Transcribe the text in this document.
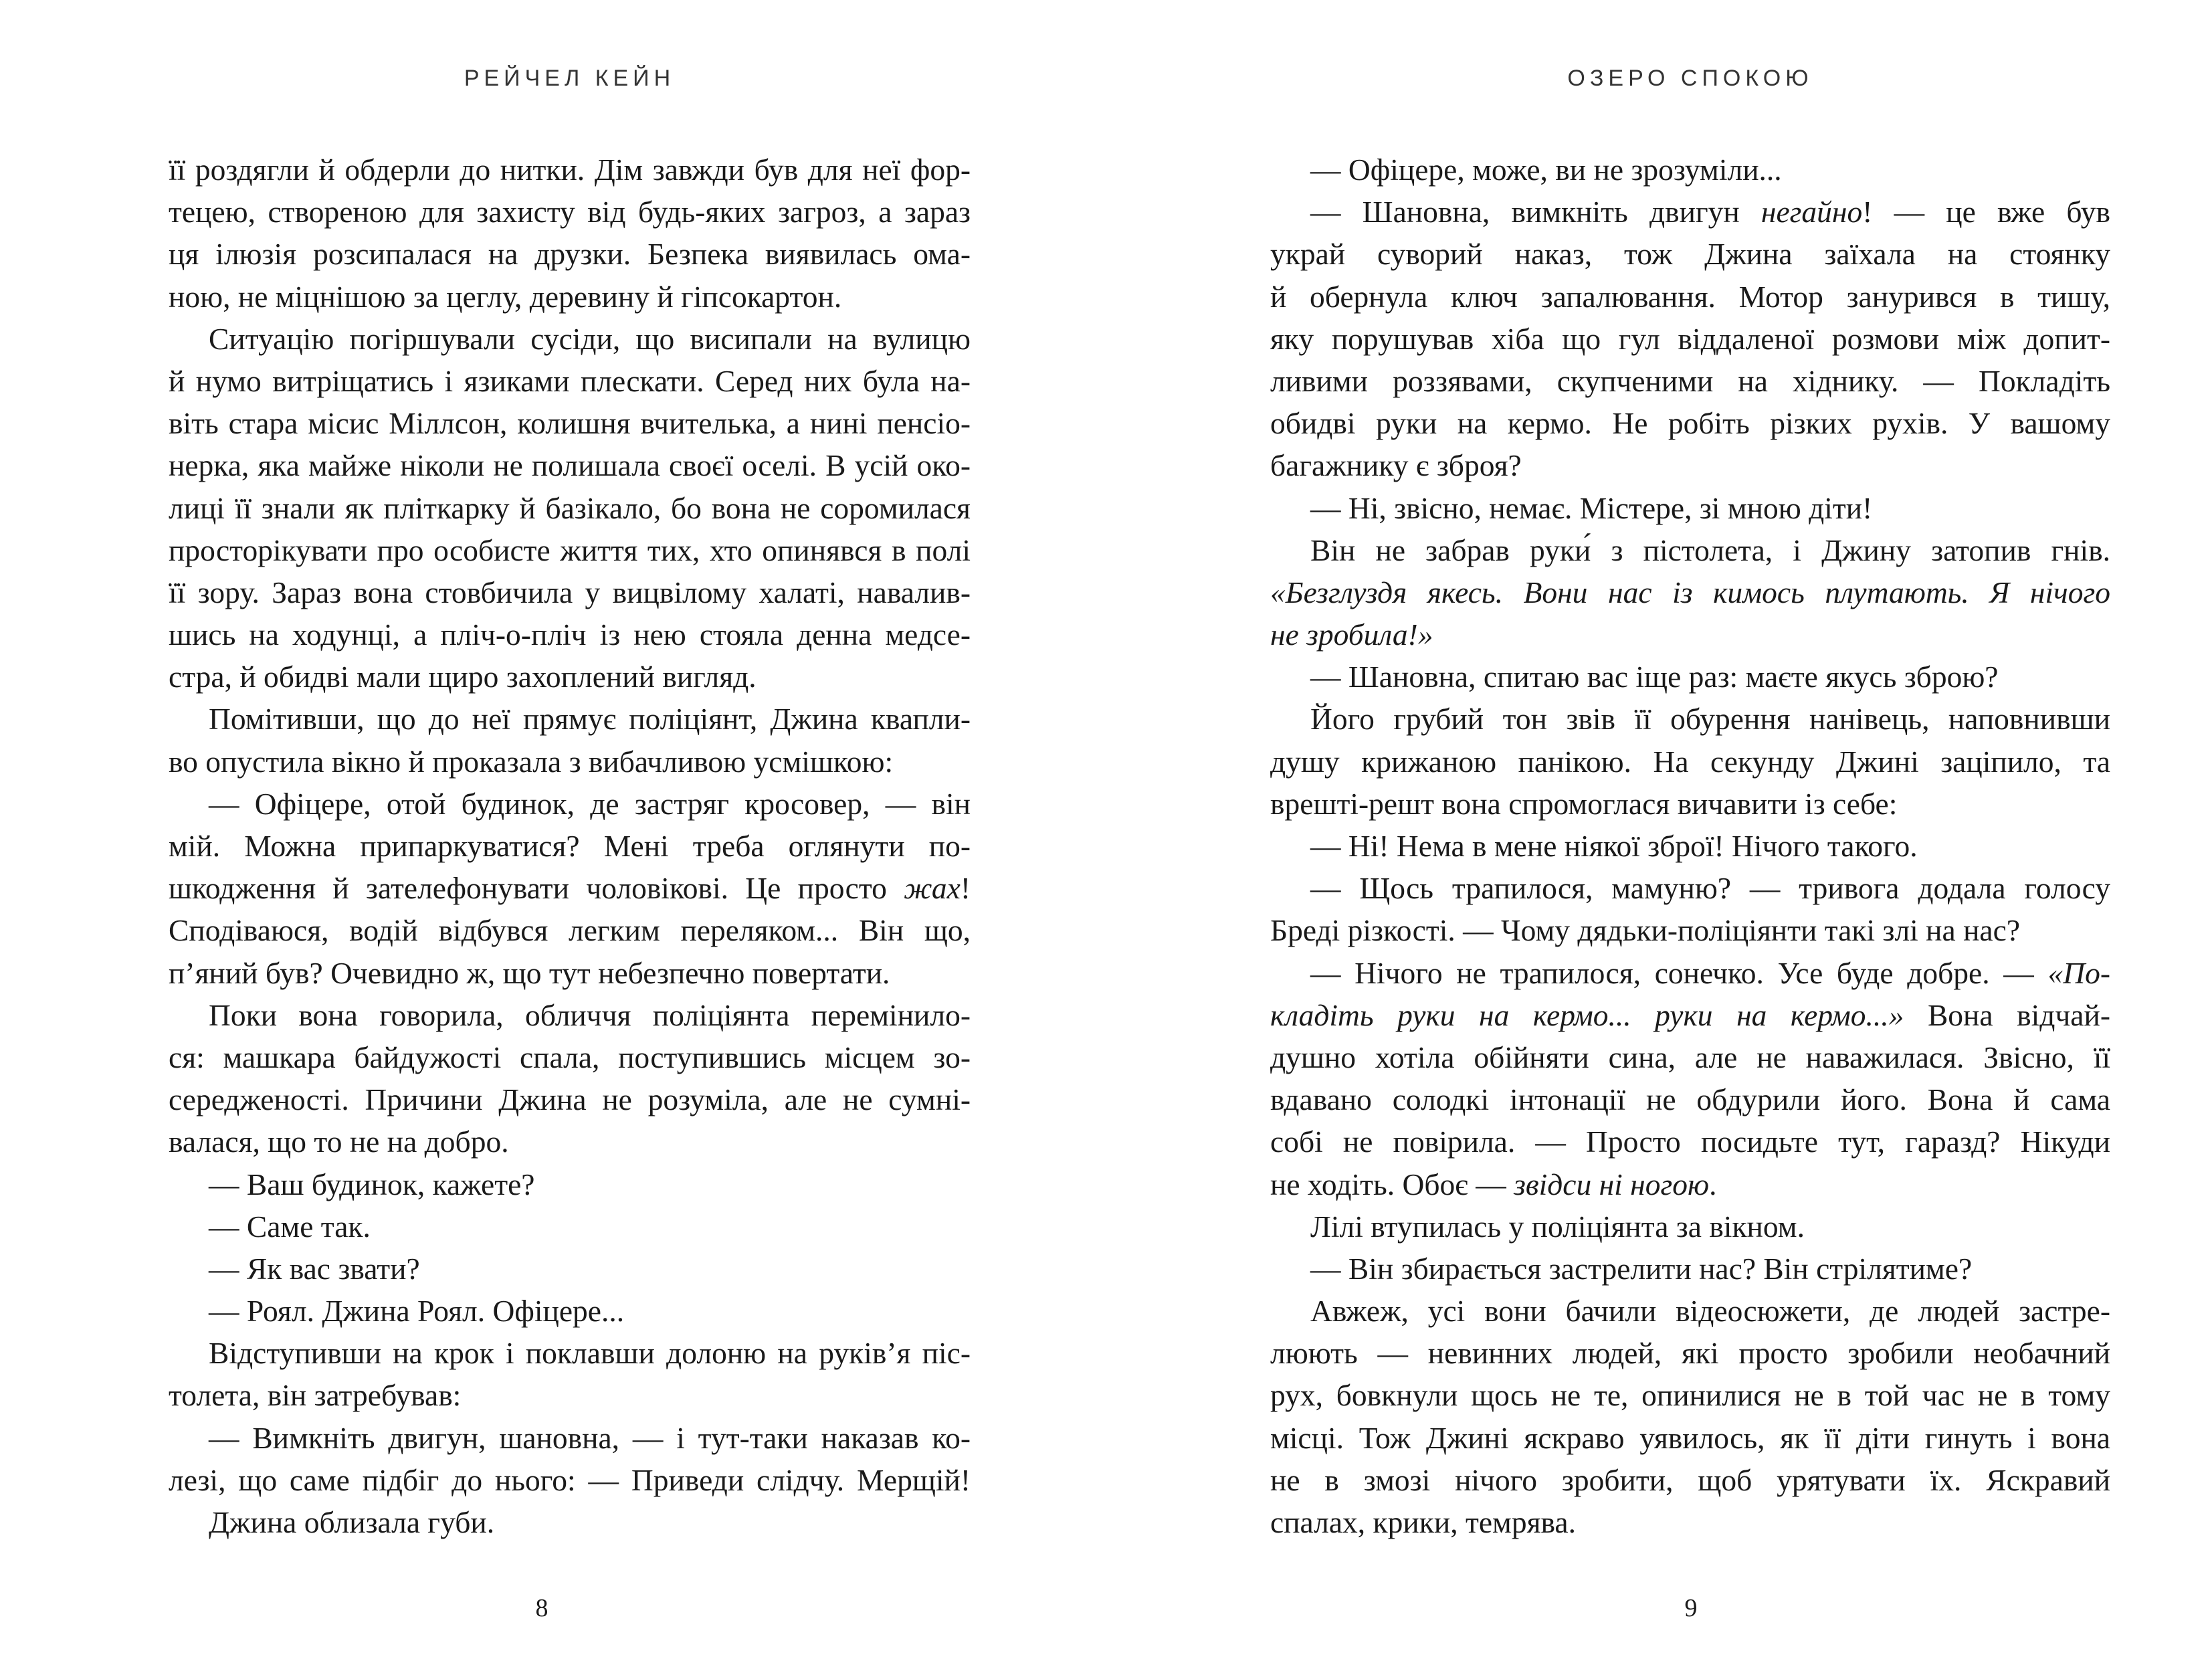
РЕЙЧЕЛ КЕЙН
її роздягли й обдерли до нитки. Дім завжди був для неї фор-
тецею, створеною для захисту від будь-яких загроз, а зараз
ця ілюзія розсипалася на друзки. Безпека виявилась ома-
ною, не міцнішою за цеглу, деревину й гіпсокартон.
Ситуацію погіршували сусіди, що висипали на вулицю
й нумо витріщатись і язиками плескати. Серед них була на-
віть стара місис Міллсон, колишня вчителька, а нині пенсіо-
нерка, яка майже ніколи не полишала своєї оселі. В усій око-
лиці її знали як пліткарку й базікало, бо вона не соромилася
просторікувати про особисте життя тих, хто опинявся в полі
її зору. Зараз вона стовбичила у вицвілому халаті, навалив-
шись на ходунці, а пліч-о-пліч із нею стояла денна медсе-
стра, й обидві мали щиро захоплений вигляд.
Помітивши, що до неї прямує поліціянт, Джина квапли-
во опустила вікно й проказала з вибачливою усмішкою:
— Офіцере, отой будинок, де застряг кросовер, — він
мій. Можна припаркуватися? Мені треба оглянути по-
шкодження й зателефонувати чоловікові. Це просто жах!
Сподіваюся, водій відбувся легким переляком... Він що,
п’яний був? Очевидно ж, що тут небезпечно повертати.
Поки вона говорила, обличчя поліціянта перемінило-
ся: машкара байдужості спала, поступившись місцем зо-
середженості. Причини Джина не розуміла, але не сумні-
валася, що то не на добро.
— Ваш будинок, кажете?
— Саме так.
— Як вас звати?
— Роял. Джина Роял. Офіцере...
Відступивши на крок і поклавши долоню на руків’я піс-
толета, він затребував:
— Вимкніть двигун, шановна, — і тут-таки наказав ко-
лезі, що саме підбіг до нього: — Приведи слідчу. Мерщій!
Джина облизала губи.
8
ОЗЕРО СПОКОЮ
— Офіцере, може, ви не зрозуміли...
— Шановна, вимкніть двигун негайно! — це вже був
украй суворий наказ, тож Джина заїхала на стоянку
й обернула ключ запалювання. Мотор занурився в тишу,
яку порушував хіба що гул віддаленої розмови між допит-
ливими роззявами, скупченими на хіднику. — Покладіть
обидві руки на кермо. Не робіть різких рухів. У вашому
багажнику є зброя?
— Ні, звісно, немає. Містере, зі мною діти!
Він не забрав руки́ з пістолета, і Джину затопив гнів.
«Безглуздя якесь. Вони нас із кимось плутають. Я нічого
не зробила!»
— Шановна, спитаю вас іще раз: маєте якусь зброю?
Його грубий тон звів її обурення нанівець, наповнивши
душу крижаною панікою. На секунду Джині заціпило, та
врешті-решт вона спромоглася вичавити із себе:
— Ні! Нема в мене ніякої зброї! Нічого такого.
— Щось трапилося, мамуню? — тривога додала голосу
Бреді різкості. — Чому дядьки-поліціянти такі злі на нас?
— Нічого не трапилося, сонечко. Усе буде добре. — «По-
кладіть руки на кермо... руки на кермо...» Вона відчай-
душно хотіла обійняти сина, але не наважилася. Звісно, її
вдавано солодкі інтонації не обдурили його. Вона й сама
собі не повірила. — Просто посидьте тут, гаразд? Нікуди
не ходіть. Обоє — звідси ні ногою.
Лілі втупилась у поліціянта за вікном.
— Він збирається застрелити нас? Він стрілятиме?
Авжеж, усі вони бачили відеосюжети, де людей застре-
люють — невинних людей, які просто зробили необачний
рух, бовкнули щось не те, опинилися не в той час не в тому
місці. Тож Джині яскраво уявилось, як її діти гинуть і вона
не в змозі нічого зробити, щоб урятувати їх. Яскравий
спалах, крики, темрява.
9
